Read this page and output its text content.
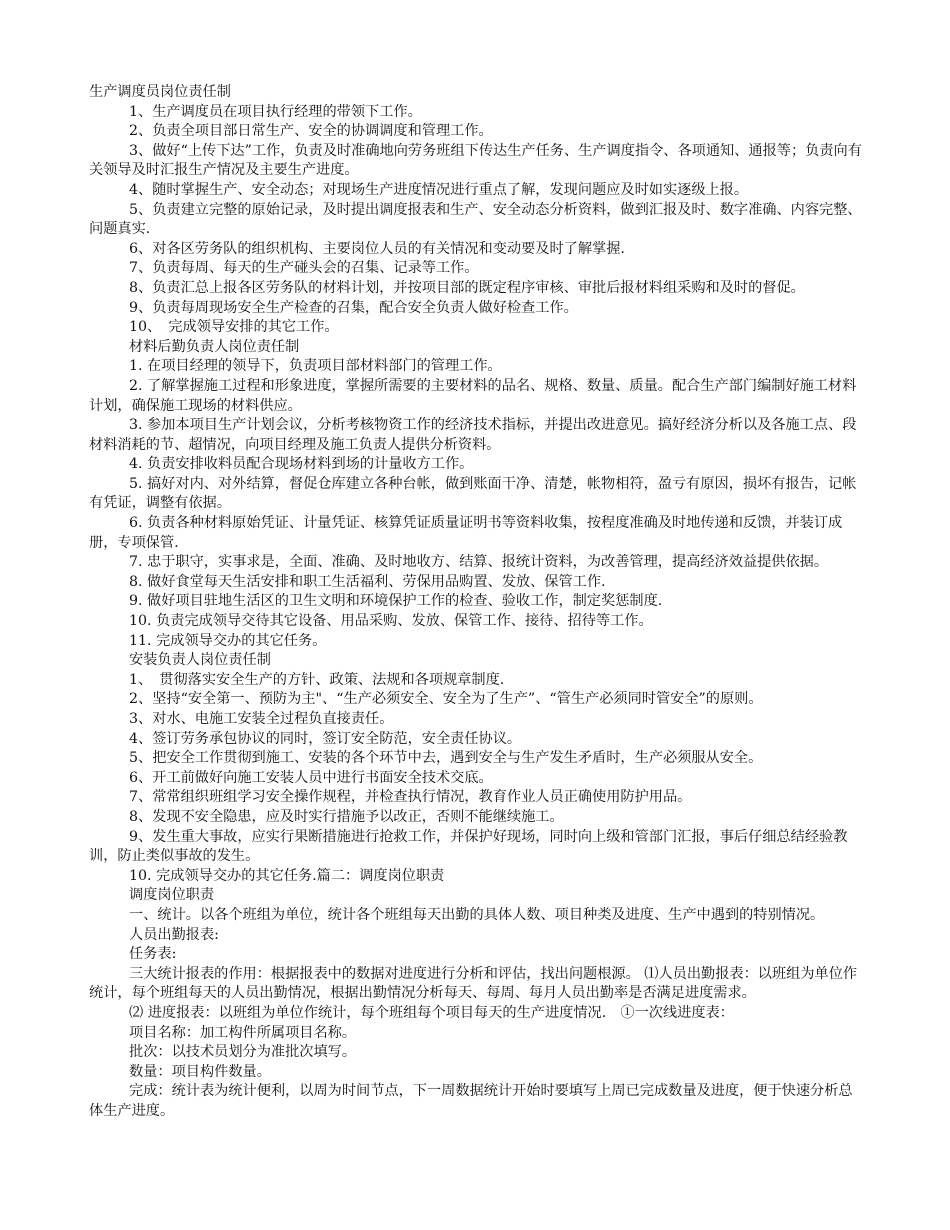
生产调度员岗位责任制

1、生产调度员在项目执行经理的带领下工作。

2、负责全项目部日常生产、安全的协调调度和管理工作。

3、做好“上传下达”工作，负责及时准确地向劳务班组下传达生产任务、生产调度指令、各项通知、通报等；负责向有关领导及时汇报生产情况及主要生产进度。

4、随时掌握生产、安全动态；对现场生产进度情况进行重点了解，发现问题应及时如实逐级上报。

5、负责建立完整的原始记录，及时提出调度报表和生产、安全动态分析资料，做到汇报及时、数字准确、内容完整、问题真实.

6、对各区劳务队的组织机构、主要岗位人员的有关情况和变动要及时了解掌握.

7、负责每周、每天的生产碰头会的召集、记录等工作。

8、负责汇总上报各区劳务队的材料计划，并按项目部的既定程序审核、审批后报材料组采购和及时的督促。

9、负责每周现场安全生产检查的召集，配合安全负责人做好检查工作。

10、　完成领导安排的其它工作。

材料后勤负责人岗位责任制

1. 在项目经理的领导下，负责项目部材料部门的管理工作。

2. 了解掌握施工过程和形象进度，掌握所需要的主要材料的品名、规格、数量、质量。配合生产部门编制好施工材料计划，确保施工现场的材料供应。

3. 参加本项目生产计划会议，分析考核物资工作的经济技术指标，并提出改进意见。搞好经济分析以及各施工点、段材料消耗的节、超情况，向项目经理及施工负责人提供分析资料。

4. 负责安排收料员配合现场材料到场的计量收方工作。

5. 搞好对内、对外结算，督促仓库建立各种台帐，做到账面干净、清楚，帐物相符，盈亏有原因，损坏有报告，记帐有凭证，调整有依据。

6. 负责各种材料原始凭证、计量凭证、核算凭证质量证明书等资料收集，按程度准确及时地传递和反馈，并装订成册，专项保管.

7. 忠于职守，实事求是，全面、准确、及时地收方、结算、报统计资料，为改善管理，提高经济效益提供依据。

8. 做好食堂每天生活安排和职工生活福利、劳保用品购置、发放、保管工作.

9. 做好项目驻地生活区的卫生文明和环境保护工作的检查、验收工作，制定奖惩制度.

10. 负责完成领导交待其它设备、用品采购、发放、保管工作、接待、招待等工作。

11. 完成领导交办的其它任务。

安装负责人岗位责任制

1、　贯彻落实安全生产的方针、政策、法规和各项规章制度.

2、坚持“安全第一、预防为主"、“生产必须安全、安全为了生产”、“管生产必须同时管安全”的原则。

3、对水、电施工安装全过程负直接责任。

4、签订劳务承包协议的同时，签订安全防范，安全责任协议。

5、把安全工作贯彻到施工、安装的各个环节中去，遇到安全与生产发生矛盾时，生产必须服从安全。

6、开工前做好向施工安装人员中进行书面安全技术交底。

7、常常组织班组学习安全操作规程，并检查执行情况，教育作业人员正确使用防护用品。

8、发现不安全隐患，应及时实行措施予以改正，否则不能继续施工。

9、发生重大事故，应实行果断措施进行抢救工作，并保护好现场，同时向上级和管部门汇报，事后仔细总结经验教训，防止类似事故的发生。

10. 完成领导交办的其它任务.篇二：调度岗位职责

调度岗位职责

一、统计。以各个班组为单位，统计各个班组每天出勤的具体人数、项目种类及进度、生产中遇到的特别情况。

人员出勤报表:

任务表:

三大统计报表的作用：根据报表中的数据对进度进行分析和评估，找出问题根源。 ⑴人员出勤报表：以班组为单位作统计，每个班组每天的人员出勤情况，根据出勤情况分析每天、每周、每月人员出勤率是否满足进度需求。

⑵ 进度报表：以班组为单位作统计，每个班组每个项目每天的生产进度情况． ①一次线进度表：

项目名称：加工构件所属项目名称。

批次：以技术员划分为准批次填写。

数量：项目构件数量。

完成：统计表为统计便利，以周为时间节点，下一周数据统计开始时要填写上周已完成数量及进度，便于快速分析总体生产进度。
